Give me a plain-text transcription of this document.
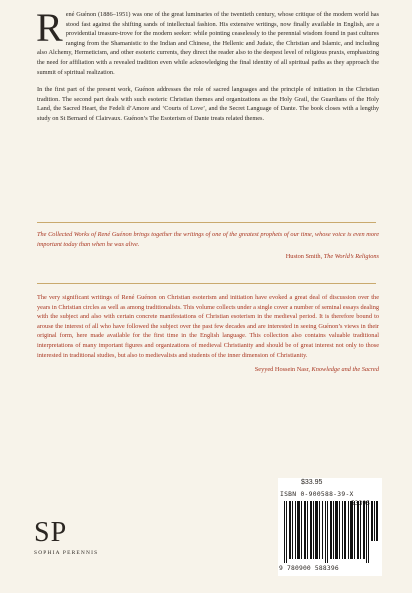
René Guénon (1886–1951) was one of the great luminaries of the twentieth century, whose critique of the modern world has stood fast against the shifting sands of intellectual fashion. His extensive writings, now finally available in English, are a providential treasure-trove for the modern seeker: while pointing ceaselessly to the perennial wisdom found in past cultures ranging from the Shamanistic to the Indian and Chinese, the Hellenic and Judaic, the Christian and Islamic, and including also Alchemy, Hermeticism, and other esoteric currents, they direct the reader also to the deepest level of religious praxis, emphasizing the need for affiliation with a revealed tradition even while acknowledging the final identity of all spiritual paths as they approach the summit of spiritual realization.

In the first part of the present work, Guénon addresses the role of sacred languages and the principle of initiation in the Christian tradition. The second part deals with such esoteric Christian themes and organizations as the Holy Grail, the Guardians of the Holy Land, the Sacred Heart, the Fedeli d’Amore and ‘Courts of Love’, and the Secret Language of Dante. The book closes with a lengthy study on St Bernard of Clairvaux. Guénon’s The Esoterism of Dante treats related themes.

The Collected Works of René Guénon brings together the writings of one of the greatest prophets of our time, whose voice is even more important today than when he was alive.

Huston Smith, The World’s Religions

The very significant writings of René Guénon on Christian esoterism and initiation have evoked a great deal of discussion over the years in Christian circles as well as among traditionalists. This volume collects under a single cover a number of seminal essays dealing with the subject and also with certain concrete manifestations of Christian esoterism in the medieval period. It is therefore bound to arouse the interest of all who have followed the subject over the past few decades and are interested in seeing Guénon’s views in their original form, here made available for the first time in the English language. This collection also contains valuable traditional interpretations of many important figures and organizations of medieval Christianity and should be of great interest not only to those interested in traditional studies, but also to medievalists and students of the inner dimension of Christianity.

Seyyed Hossein Nasr, Knowledge and the Sacred

SP
SOPHIA PERENNIS
$33.95
ISBN 0-900588-39-X
9 780900 588396
